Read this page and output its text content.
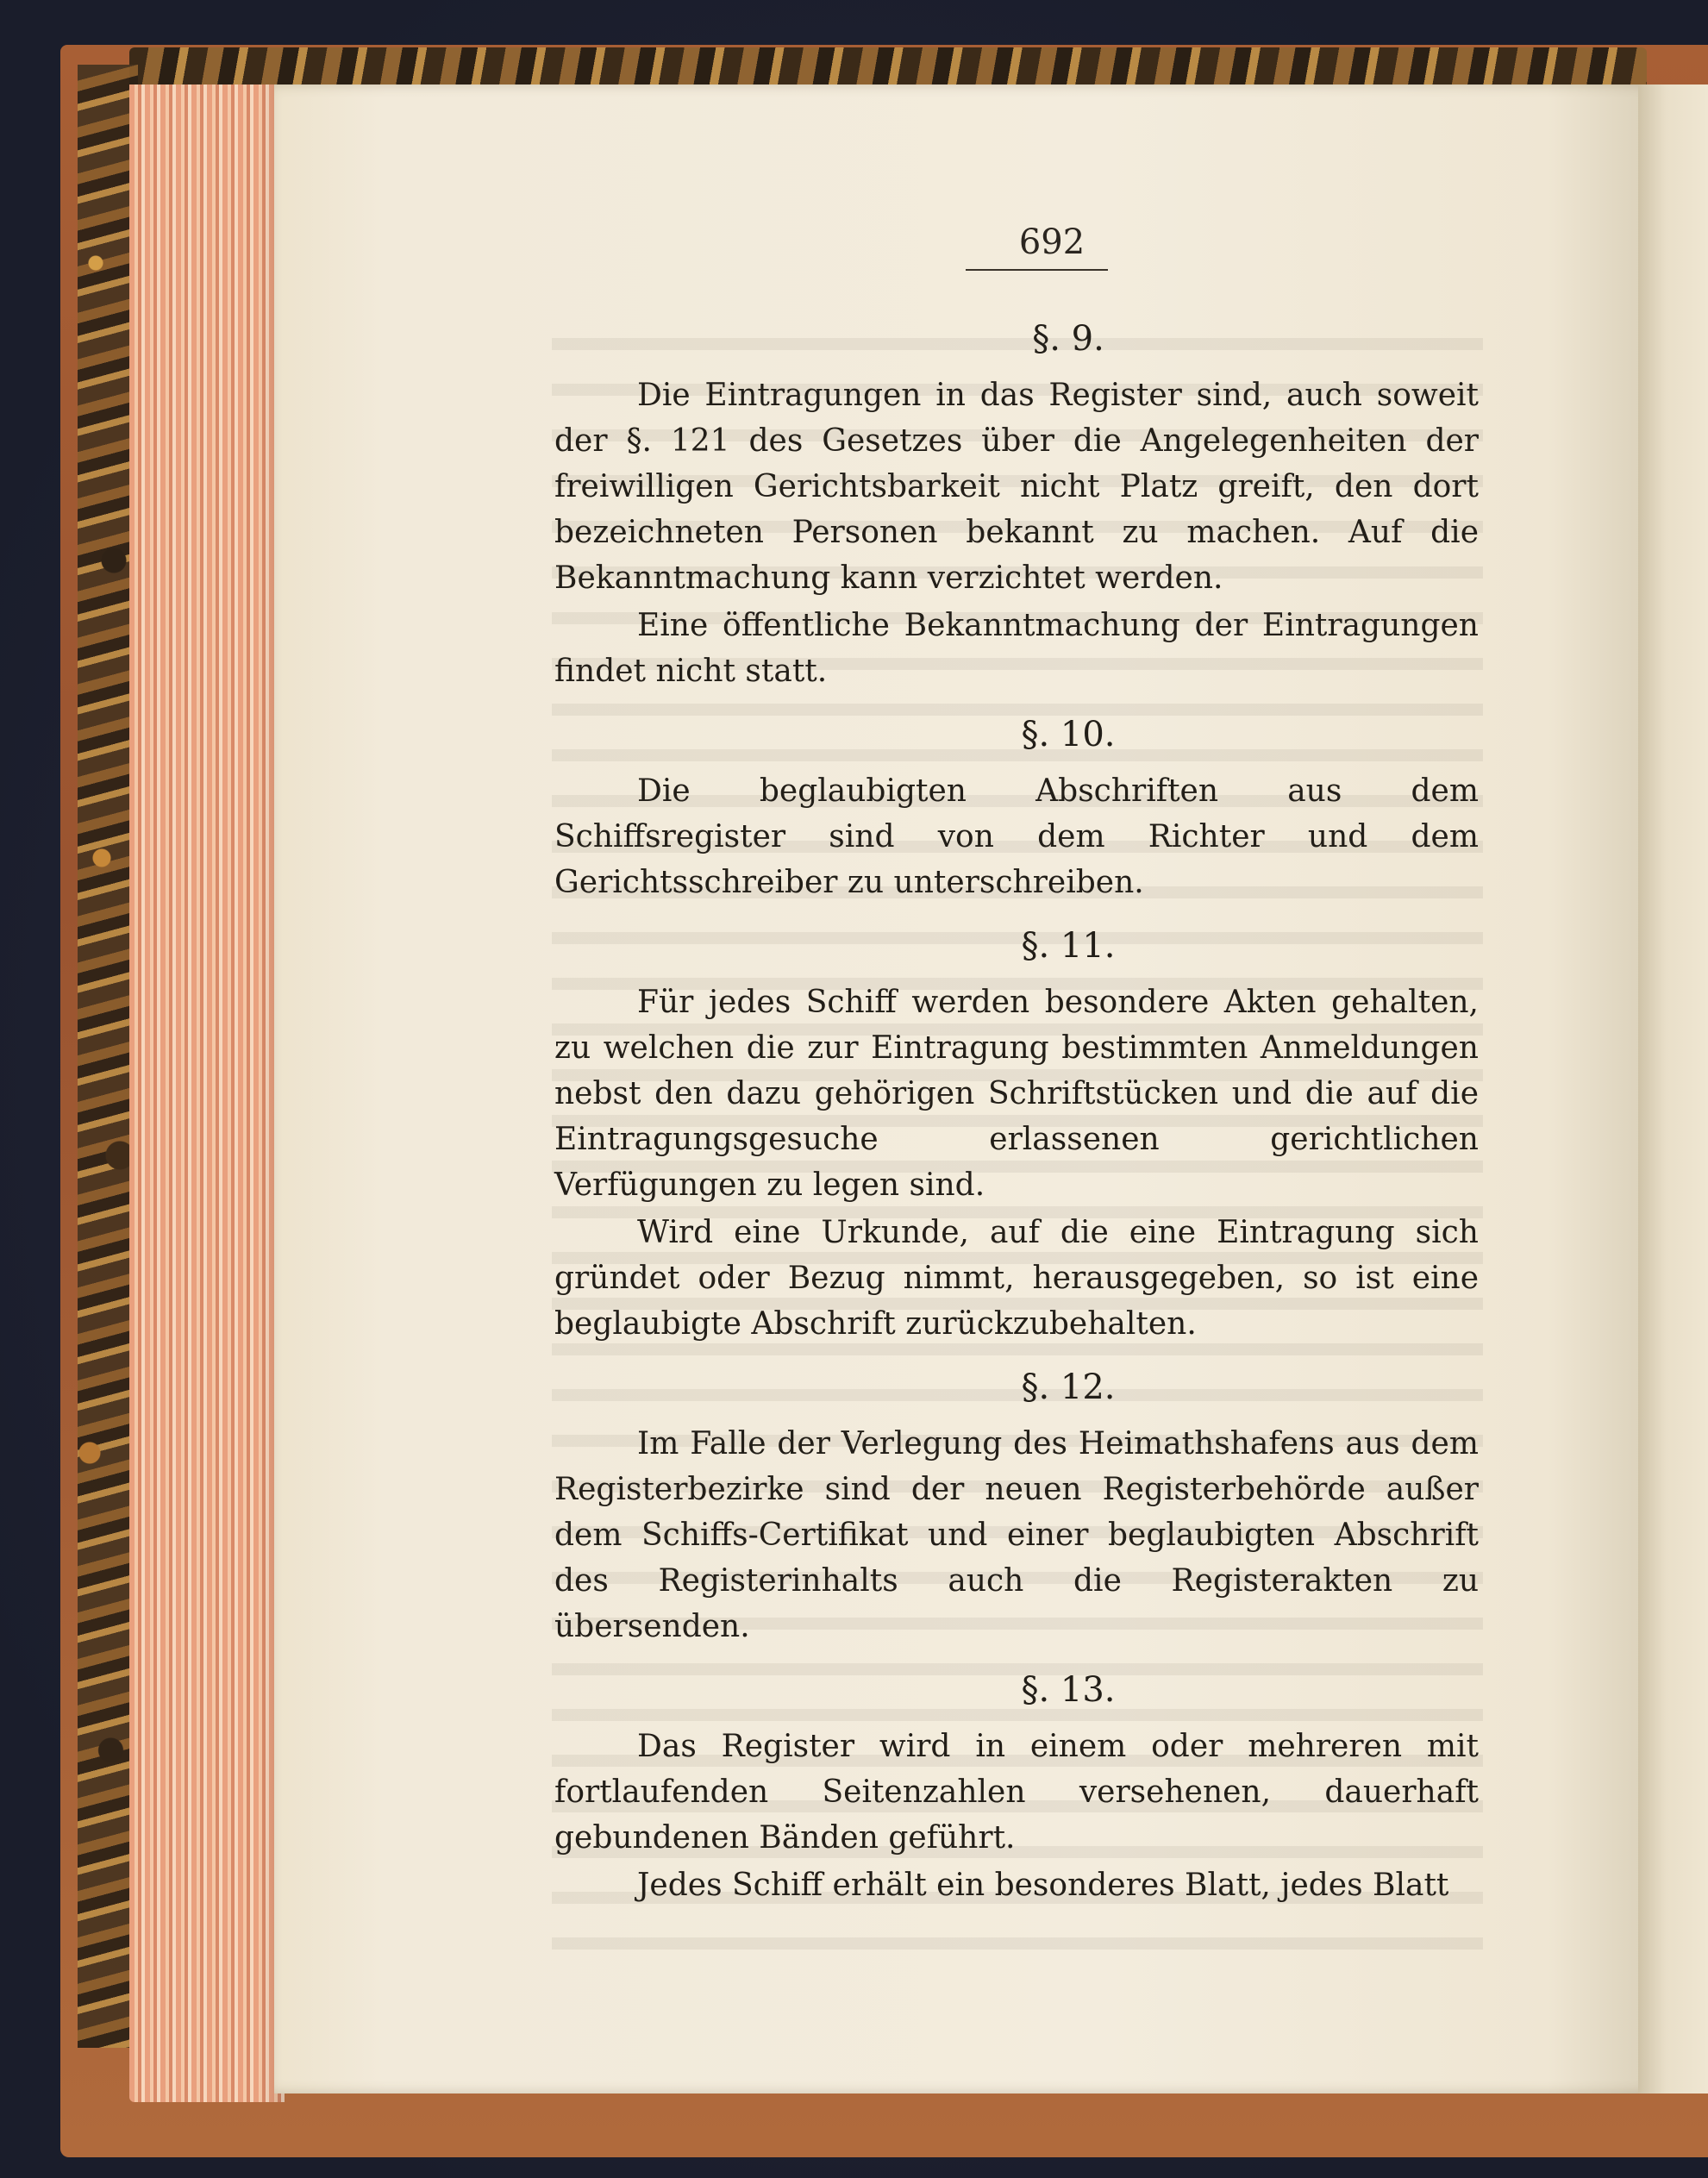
692
§. 9.

Die Eintragungen in das Register sind, auch soweit der §. 121 des Gesetzes über die Angelegenheiten der freiwilligen Gerichtsbarkeit nicht Platz greift, den dort bezeichneten Personen bekannt zu machen. Auf die Bekanntmachung kann verzichtet werden.

Eine öffentliche Bekanntmachung der Eintragungen findet nicht statt.

§. 10.

Die beglaubigten Abschriften aus dem Schiffsregister sind von dem Richter und dem Gerichtsschreiber zu unterschreiben.

§. 11.

Für jedes Schiff werden besondere Akten gehalten, zu welchen die zur Eintragung bestimmten Anmeldungen nebst den dazu gehörigen Schriftstücken und die auf die Eintragungsgesuche erlassenen gerichtlichen Verfügungen zu legen sind.

Wird eine Urkunde, auf die eine Eintragung sich gründet oder Bezug nimmt, herausgegeben, so ist eine beglaubigte Abschrift zurückzubehalten.

§. 12.

Im Falle der Verlegung des Heimathshafens aus dem Registerbezirke sind der neuen Registerbehörde außer dem Schiffs-Certifikat und einer beglaubigten Abschrift des Registerinhalts auch die Registerakten zu übersenden.

§. 13.

Das Register wird in einem oder mehreren mit fortlaufenden Seitenzahlen versehenen, dauerhaft gebundenen Bänden geführt.

Jedes Schiff erhält ein besonderes Blatt, jedes Blatt
